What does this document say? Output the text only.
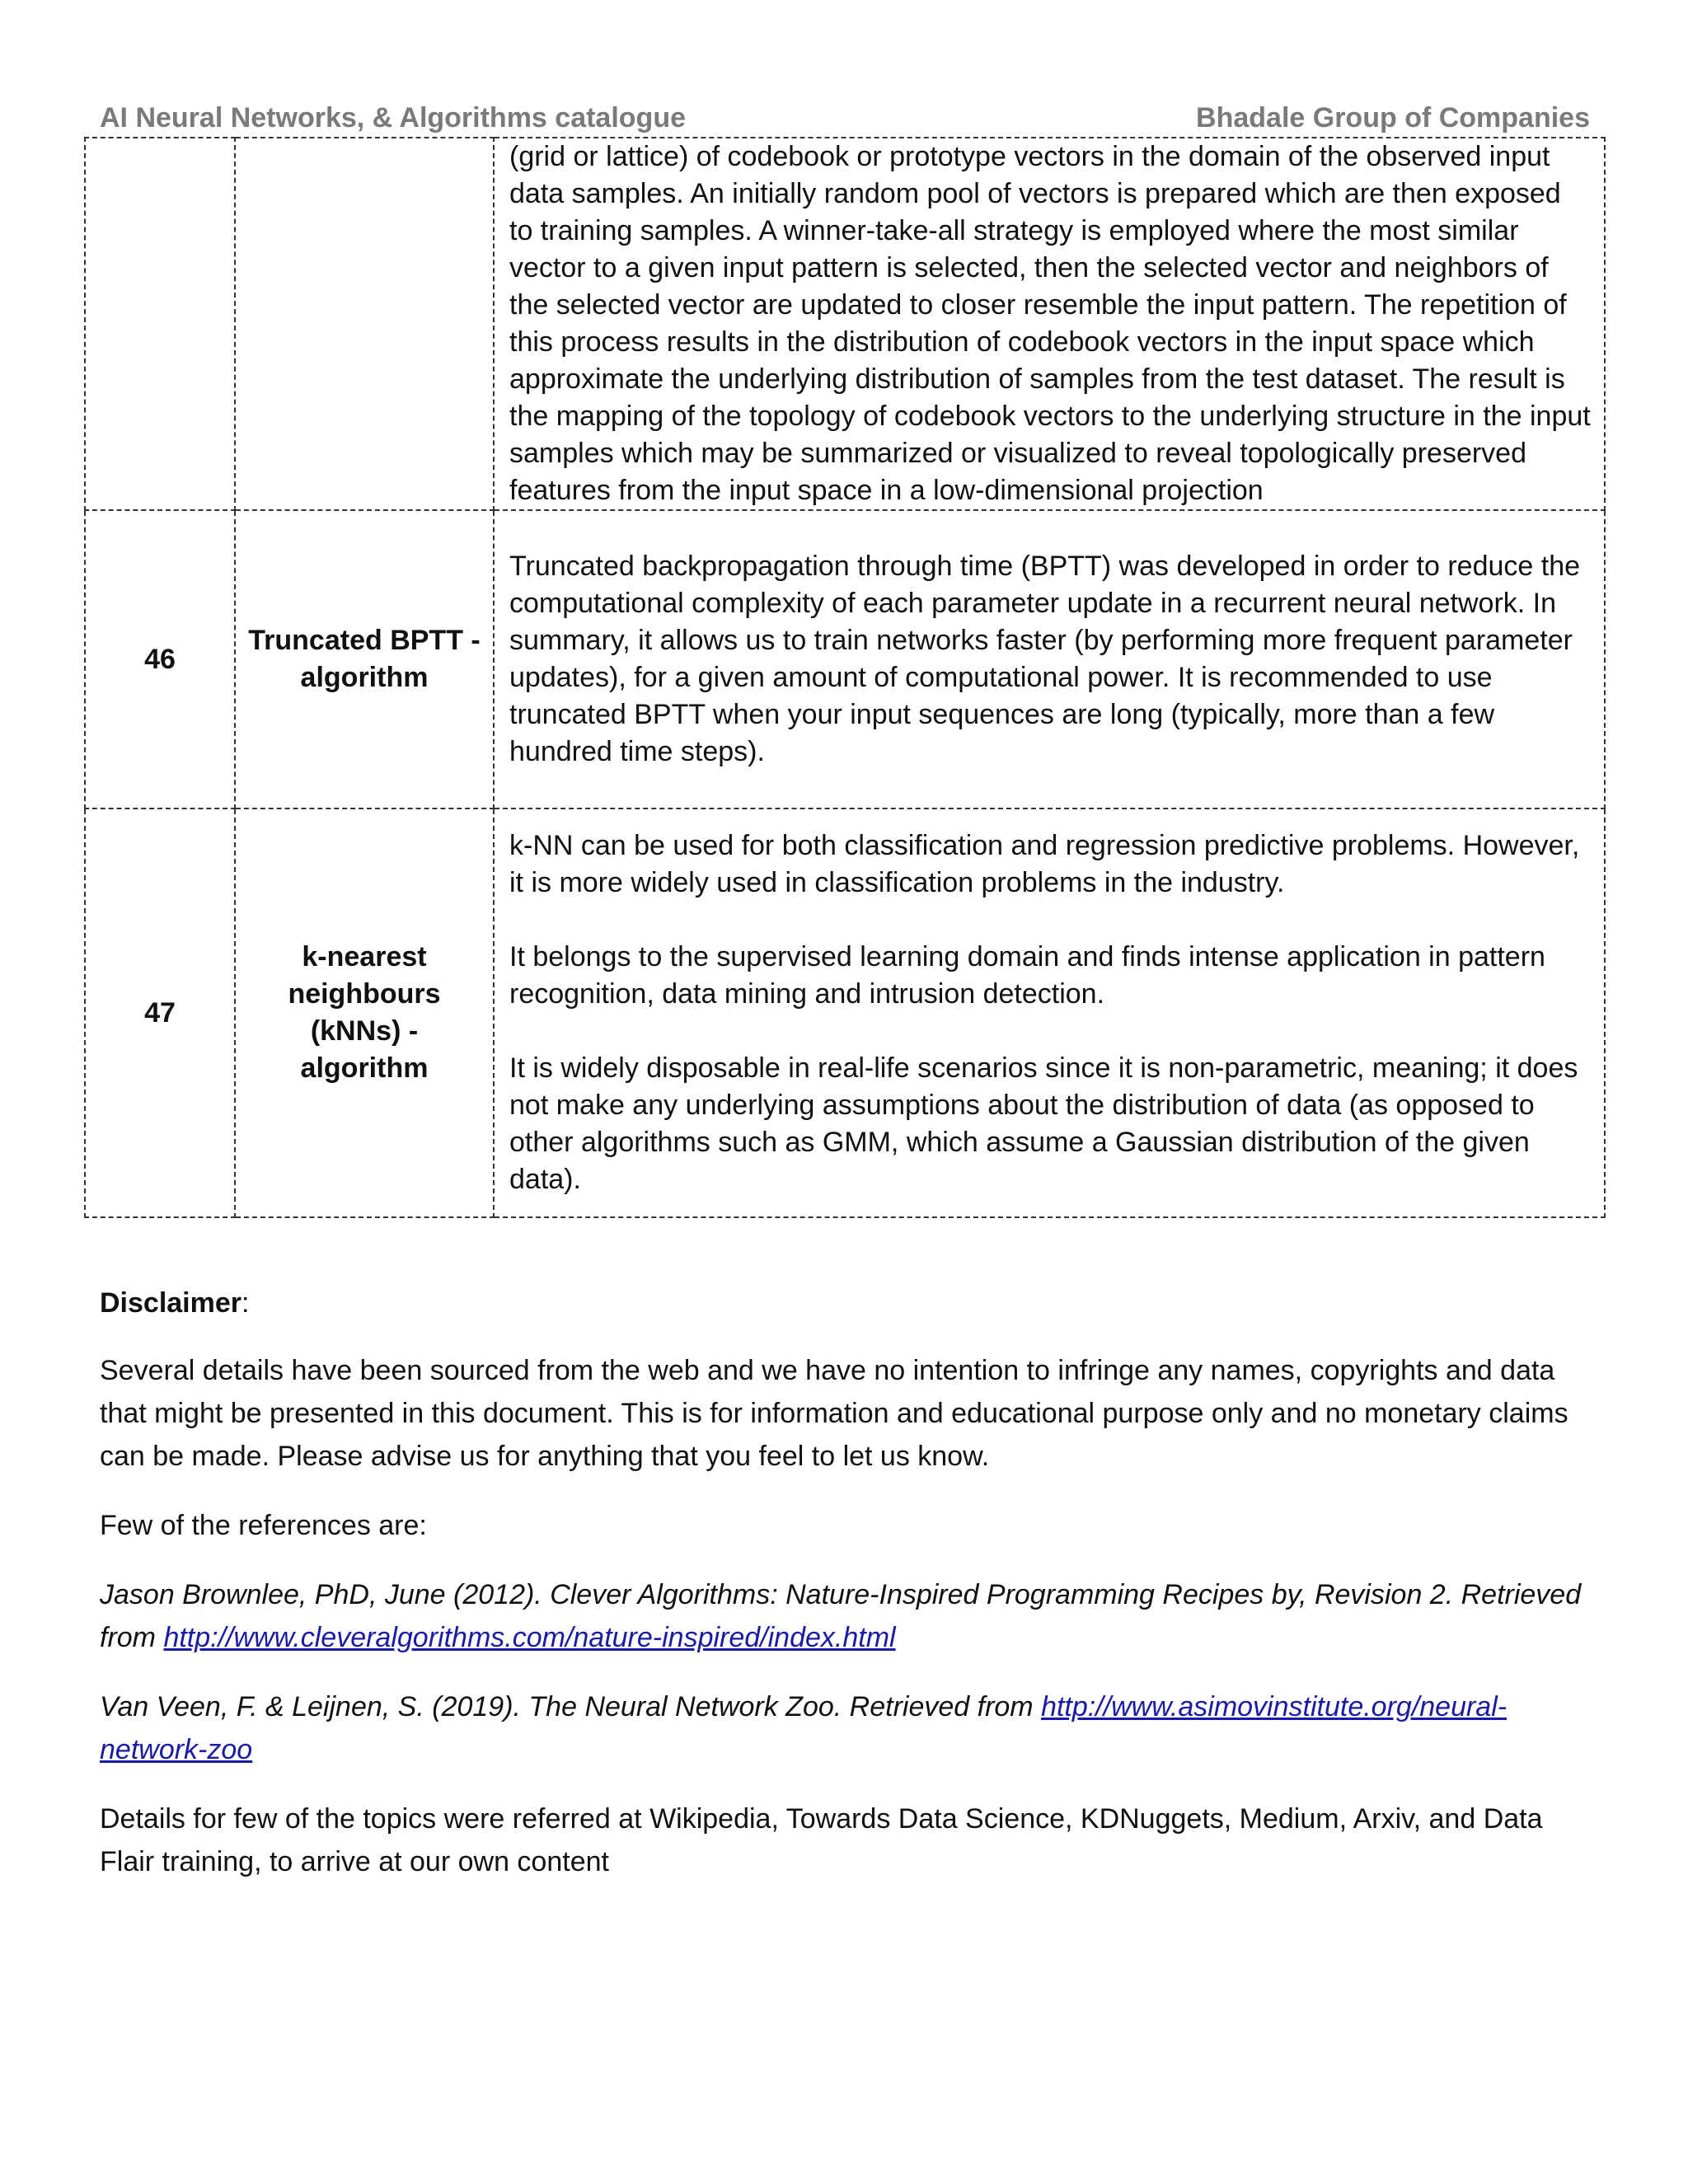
AI Neural Networks, & Algorithms catalogue	Bhadale Group of Companies

		(grid or lattice) of codebook or prototype vectors in the domain of the observed input data samples. An initially random pool of vectors is prepared which are then exposed to training samples. A winner-take-all strategy is employed where the most similar vector to a given input pattern is selected, then the selected vector and neighbors of the selected vector are updated to closer resemble the input pattern. The repetition of this process results in the distribution of codebook vectors in the input space which approximate the underlying distribution of samples from the test dataset. The result is the mapping of the topology of codebook vectors to the underlying structure in the input samples which may be summarized or visualized to reveal topologically preserved features from the input space in a low-dimensional projection

46	Truncated BPTT - algorithm	Truncated backpropagation through time (BPTT) was developed in order to reduce the computational complexity of each parameter update in a recurrent neural network. In summary, it allows us to train networks faster (by performing more frequent parameter updates), for a given amount of computational power. It is recommended to use truncated BPTT when your input sequences are long (typically, more than a few hundred time steps).

47	k-nearest neighbours (kNNs) - algorithm	k-NN can be used for both classification and regression predictive problems. However, it is more widely used in classification problems in the industry.
It belongs to the supervised learning domain and finds intense application in pattern recognition, data mining and intrusion detection.
It is widely disposable in real-life scenarios since it is non-parametric, meaning; it does not make any underlying assumptions about the distribution of data (as opposed to other algorithms such as GMM, which assume a Gaussian distribution of the given data).

Disclaimer:

Several details have been sourced from the web and we have no intention to infringe any names, copyrights and data that might be presented in this document. This is for information and educational purpose only and no monetary claims can be made. Please advise us for anything that you feel to let us know.

Few of the references are:

Jason Brownlee, PhD, June (2012). Clever Algorithms: Nature-Inspired Programming Recipes by, Revision 2. Retrieved from http://www.cleveralgorithms.com/nature-inspired/index.html

Van Veen, F. & Leijnen, S. (2019). The Neural Network Zoo. Retrieved from http://www.asimovinstitute.org/neural-network-zoo

Details for few of the topics were referred at Wikipedia, Towards Data Science, KDNuggets, Medium, Arxiv, and Data Flair training, to arrive at our own content
